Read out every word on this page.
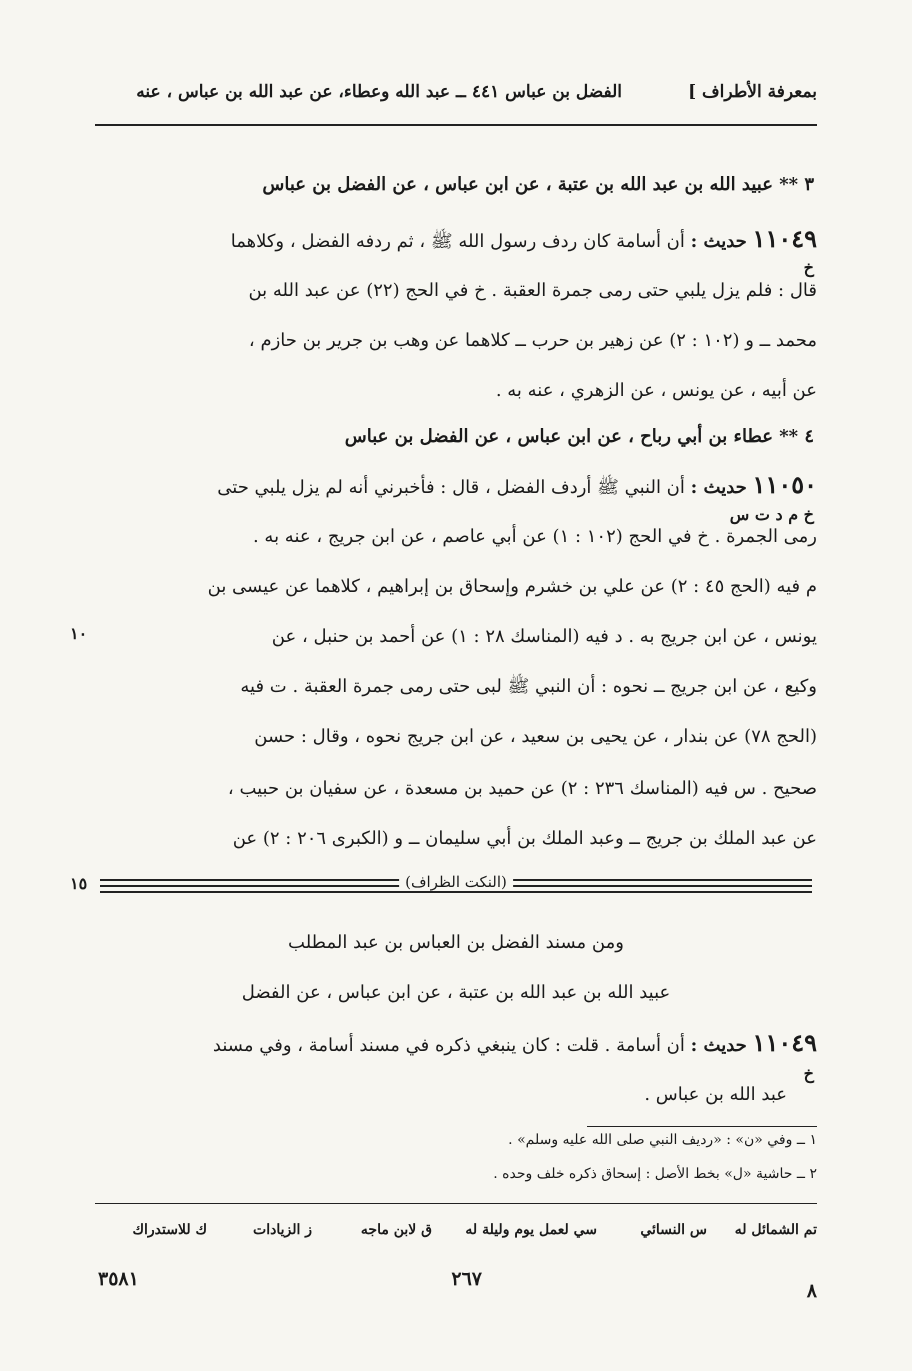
بمعرفة الأطراف ]
الفضل بن عباس ٤٤١ ــ عبد الله وعطاء، عن عبد الله بن عباس ، عنه
٣ ** عبيد الله بن عبد الله بن عتبة ، عن ابن عباس ، عن الفضل بن عباس
١١٠٤٩ حديث : أن أسامة كان ردف رسول الله ﷺ ، ثم ردفه الفضل ، وكلاهما
خ
قال : فلم يزل يلبي حتى رمى جمرة العقبة . خ في الحج (٢٢) عن عبد الله بن
محمد ــ و (١٠٢ : ٢) عن زهير بن حرب ــ كلاهما عن وهب بن جرير بن حازم ،
عن أبيه ، عن يونس ، عن الزهري ، عنه به .
٤ ** عطاء بن أبي رباح ، عن ابن عباس ، عن الفضل بن عباس
١١٠٥٠ حديث : أن النبي ﷺ أردف الفضل ، قال : فأخبرني أنه لم يزل يلبي حتى
خ م د ت س
رمى الجمرة . خ في الحج (١٠٢ : ١) عن أبي عاصم ، عن ابن جريج ، عنه به .
م فيه (الحج ٤٥ : ٢) عن علي بن خشرم وإسحاق بن إبراهيم ، كلاهما عن عيسى بن
يونس ، عن ابن جريج به . د فيه (المناسك ٢٨ : ١) عن أحمد بن حنبل ، عن
١٠
وكيع ، عن ابن جريج ــ نحوه : أن النبي ﷺ لبى حتى رمى جمرة العقبة . ت فيه
(الحج ٧٨) عن بندار ، عن يحيى بن سعيد ، عن ابن جريج نحوه ، وقال : حسن
صحيح . س فيه (المناسك ٢٣٦ : ٢) عن حميد بن مسعدة ، عن سفيان بن حبيب ،
عن عبد الملك بن جريج ــ وعبد الملك بن أبي سليمان ــ و (الكبرى ٢٠٦ : ٢) عن
١٥	(النكت الظراف)
ومن مسند الفضل بن العباس بن عبد المطلب
عبيد الله بن عبد الله بن عتبة ، عن ابن عباس ، عن الفضل
١١٠٤٩ حديث : أن أسامة . قلت : كان ينبغي ذكره في مسند أسامة ، وفي مسند
خ
عبد الله بن عباس .
١ ــ وفي «ن» : «رديف النبي صلى الله عليه وسلم» .
٢ ــ حاشية «ل» بخط الأصل : إسحاق ذكره خلف وحده .
تم الشمائل له
س النسائي
سي لعمل يوم وليلة له
ق لابن ماجه
ز الزيادات
ك للاستدراك
٨
٢٦٧
٣٥٨١
